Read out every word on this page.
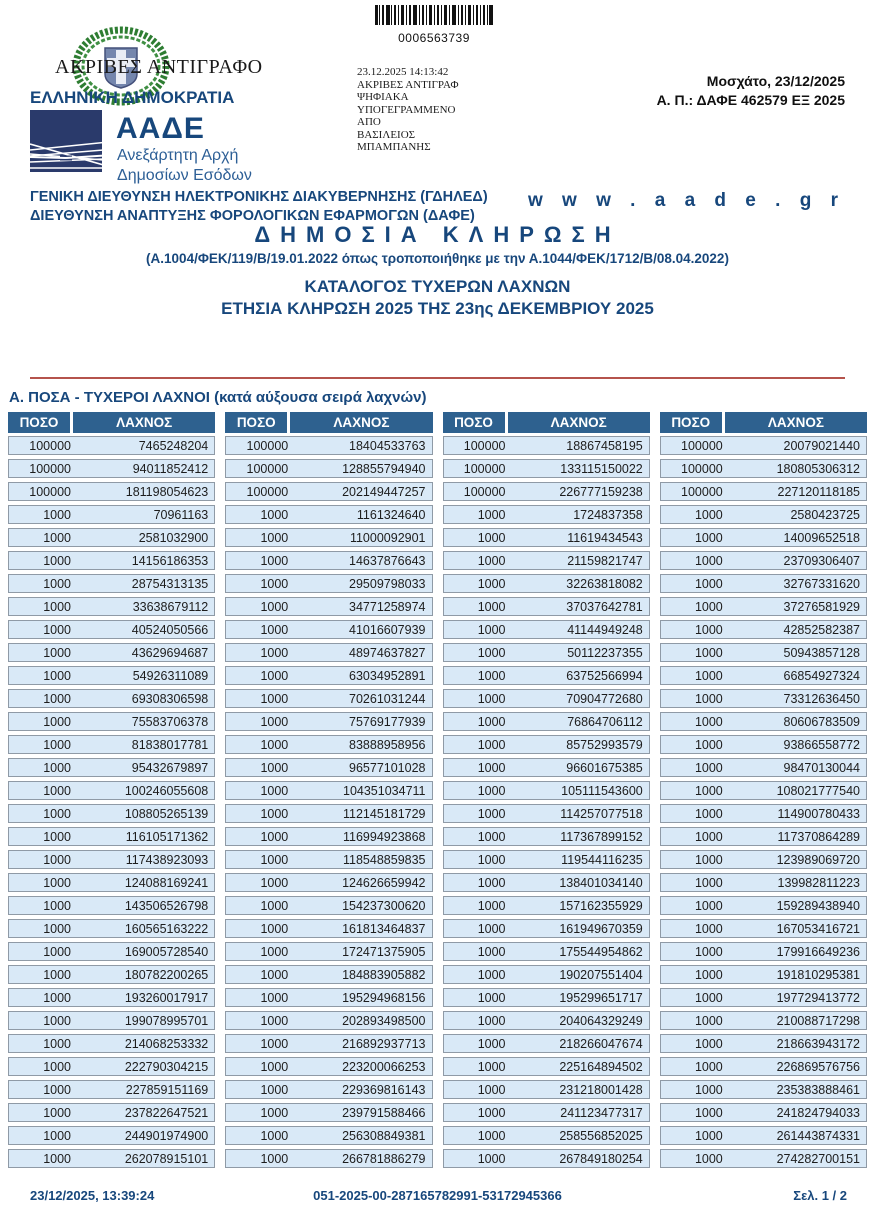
0006563739
ΑΚΡΙΒΕΣ ΑΝΤΙΓΡΑΦΟ	23.12.2025 14:13:42
ΑΚΡΙΒΕΣ ΑΝΤΙΓΡΑΦ
ΨΗΦΙΑΚΑ
ΥΠΟΓΕΓΡΑΜΜΕΝΟ
ΑΠΟ
ΒΑΣΙΛΕΙΟΣ
ΜΠΑΜΠΑΝΗΣ
Μοσχάτο, 23/12/2025
Α. Π.: ΔΑΦΕ 462579 ΕΞ 2025
ΕΛΛΗΝΙΚΗ ΔΗΜΟΚΡΑΤΙΑ
ΑΑΔΕ
Ανεξάρτητη Αρχή
Δημοσίων Εσόδων
ΓΕΝΙΚΗ ΔΙΕΥΘΥΝΣΗ ΗΛΕΚΤΡΟΝΙΚΗΣ ΔΙΑΚΥΒΕΡΝΗΣΗΣ (ΓΔΗΛΕΔ)
ΔΙΕΥΘΥΝΣΗ ΑΝΑΠΤΥΞΗΣ ΦΟΡΟΛΟΓΙΚΩΝ ΕΦΑΡΜΟΓΩΝ (ΔΑΦΕ)
w w w . a a d e . g r
ΔΗΜΟΣΙΑ ΚΛΗΡΩΣΗ
(Α.1004/ΦΕΚ/119/Β/19.01.2022 όπως τροποποιήθηκε με την Α.1044/ΦΕΚ/1712/Β/08.04.2022)
ΚΑΤΑΛΟΓΟΣ ΤΥΧΕΡΩΝ ΛΑΧΝΩΝ
ΕΤΗΣΙΑ ΚΛΗΡΩΣΗ 2025 ΤΗΣ 23ης ΔΕΚΕΜΒΡΙΟΥ 2025
Α. ΠΟΣΑ - ΤΥΧΕΡΟΙ ΛΑΧΝΟΙ (κατά αύξουσα σειρά λαχνών)
ΠΟΣΟ	ΛΑΧΝΟΣ	ΠΟΣΟ	ΛΑΧΝΟΣ	ΠΟΣΟ	ΛΑΧΝΟΣ	ΠΟΣΟ	ΛΑΧΝΟΣ
100000	7465248204	100000	18404533763	100000	18867458195	100000	20079021440
100000	94011852412	100000	128855794940	100000	133115150022	100000	180805306312
100000	181198054623	100000	202149447257	100000	226777159238	100000	227120118185
1000	70961163	1000	1161324640	1000	1724837358	1000	2580423725
1000	2581032900	1000	11000092901	1000	11619434543	1000	14009652518
1000	14156186353	1000	14637876643	1000	21159821747	1000	23709306407
1000	28754313135	1000	29509798033	1000	32263818082	1000	32767331620
1000	33638679112	1000	34771258974	1000	37037642781	1000	37276581929
1000	40524050566	1000	41016607939	1000	41144949248	1000	42852582387
1000	43629694687	1000	48974637827	1000	50112237355	1000	50943857128
1000	54926311089	1000	63034952891	1000	63752566994	1000	66854927324
1000	69308306598	1000	70261031244	1000	70904772680	1000	73312636450
1000	75583706378	1000	75769177939	1000	76864706112	1000	80606783509
1000	81838017781	1000	83888958956	1000	85752993579	1000	93866558772
1000	95432679897	1000	96577101028	1000	96601675385	1000	98470130044
1000	100246055608	1000	104351034711	1000	105111543600	1000	108021777540
1000	108805265139	1000	112145181729	1000	114257077518	1000	114900780433
1000	116105171362	1000	116994923868	1000	117367899152	1000	117370864289
1000	117438923093	1000	118548859835	1000	119544116235	1000	123989069720
1000	124088169241	1000	124626659942	1000	138401034140	1000	139982811223
1000	143506526798	1000	154237300620	1000	157162355929	1000	159289438940
1000	160565163222	1000	161813464837	1000	161949670359	1000	167053416721
1000	169005728540	1000	172471375905	1000	175544954862	1000	179916649236
1000	180782200265	1000	184883905882	1000	190207551404	1000	191810295381
1000	193260017917	1000	195294968156	1000	195299651717	1000	197729413772
1000	199078995701	1000	202893498500	1000	204064329249	1000	210088717298
1000	214068253332	1000	216892937713	1000	218266047674	1000	218663943172
1000	222790304215	1000	223200066253	1000	225164894502	1000	226869576756
1000	227859151169	1000	229369816143	1000	231218001428	1000	235383888461
1000	237822647521	1000	239791588466	1000	241123477317	1000	241824794033
1000	244901974900	1000	256308849381	1000	258556852025	1000	261443874331
1000	262078915101	1000	266781886279	1000	267849180254	1000	274282700151
23/12/2025, 13:39:24	051-2025-00-287165782991-53172945366	Σελ. 1 / 2
